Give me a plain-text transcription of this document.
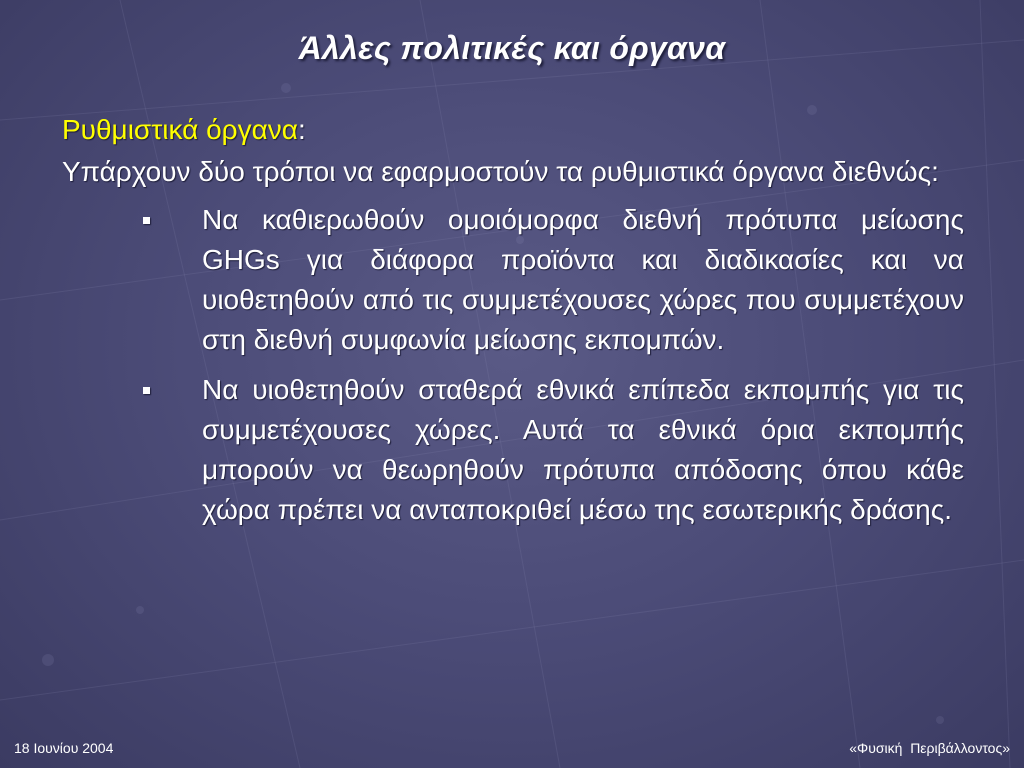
Άλλες πολιτικές και όργανα
Ρυθμιστικά όργανα:
Υπάρχουν δύο τρόποι να εφαρμοστούν τα ρυθμιστικά όργανα διεθνώς:
Να καθιερωθούν ομοιόμορφα διεθνή πρότυπα μείωσης GHGs για διάφορα προϊόντα και διαδικασίες και να υιοθετηθούν από τις συμμετέχουσες χώρες που συμμετέχουν στη διεθνή συμφωνία μείωσης εκπομπών.
Να υιοθετηθούν σταθερά εθνικά επίπεδα εκπομπής για τις συμμετέχουσες χώρες. Αυτά τα εθνικά όρια εκπομπής μπορούν να θεωρηθούν πρότυπα απόδοσης όπου κάθε χώρα πρέπει να ανταποκριθεί μέσω της εσωτερικής δράσης.
18 Ιουνίου 2004	«Φυσική  Περιβάλλοντος»
